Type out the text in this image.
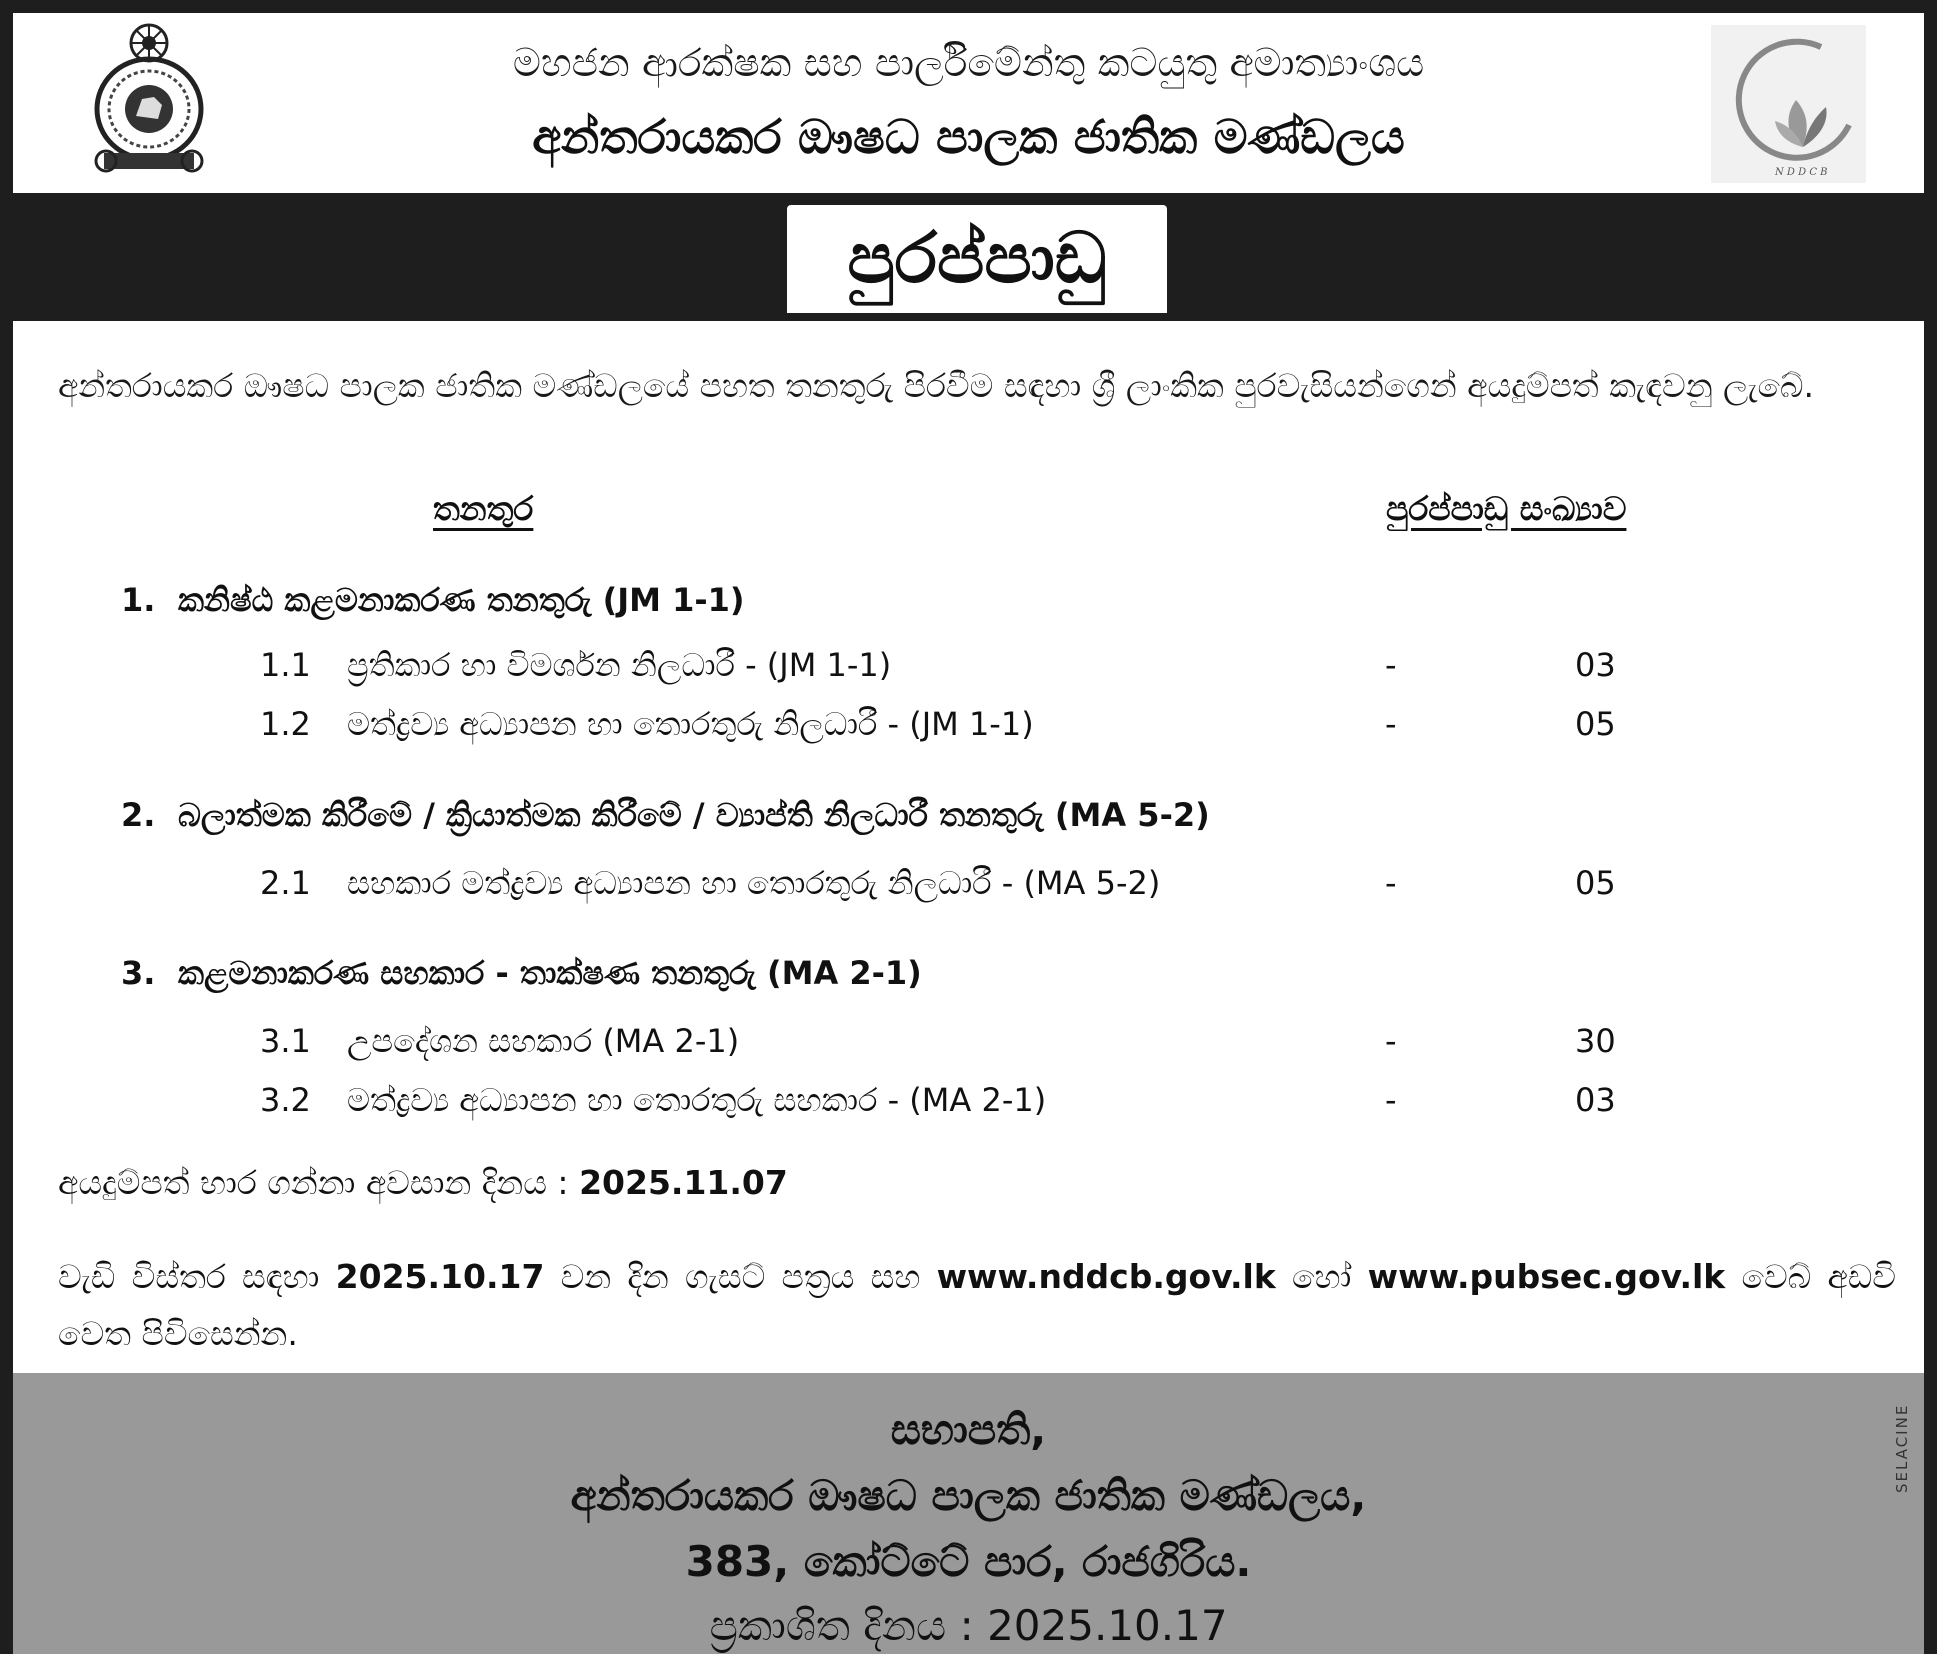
මහජන ආරක්ෂක සහ පාර්ලිමේන්තු කටයුතු අමාත්‍යාංශය
අන්තරායකර ඖෂධ පාලක ජාතික මණ්ඩලය
N D D C B
පුරප්පාඩු
අන්තරායකර ඖෂධ පාලක ජාතික මණ්ඩලයේ පහත තනතුරු පිරවීම සඳහා ශ්‍රී ලාංකික පුරවැසියන්ගෙන් අයදුම්පත් කැඳවනු ලැබේ.
තනතුර	පුරප්පාඩු සංඛ්‍යාව
1. කනිෂ්ඨ කළමනාකරණ තනතුරු (JM 1-1)
1.1 ප්‍රතිකාර හා විමර්ශන නිලධාරී - (JM 1-1)	-	03
1.2 මත්ද්‍රව්‍ය අධ්‍යාපන හා තොරතුරු නිලධාරී - (JM 1-1)	-	05
2. බලාත්මක කිරීමේ / ක්‍රියාත්මක කිරීමේ / ව්‍යාප්ති නිලධාරී තනතුරු (MA 5-2)
2.1 සහකාර මත්ද්‍රව්‍ය අධ්‍යාපන හා තොරතුරු නිලධාරී - (MA 5-2)	-	05
3. කළමනාකරණ සහකාර - තාක්ෂණ තනතුරු (MA 2-1)
3.1 උපදේශන සහකාර (MA 2-1)	-	30
3.2 මත්ද්‍රව්‍ය අධ්‍යාපන හා තොරතුරු සහකාර - (MA 2-1)	-	03
අයදුම්පත් භාර ගන්නා අවසාන දිනය : 2025.11.07
වැඩි විස්තර සඳහා 2025.10.17 වන දින ගැසට් පත්‍රය සහ www.nddcb.gov.lk හෝ www.pubsec.gov.lk වෙබ් අඩවි වෙත පිවිසෙන්න.
සභාපති,
අන්තරායකර ඖෂධ පාලක ජාතික මණ්ඩලය,
383, කෝට්ටේ පාර, රාජගිරිය.
ප්‍රකාශිත දිනය : 2025.10.17
SELACINE
